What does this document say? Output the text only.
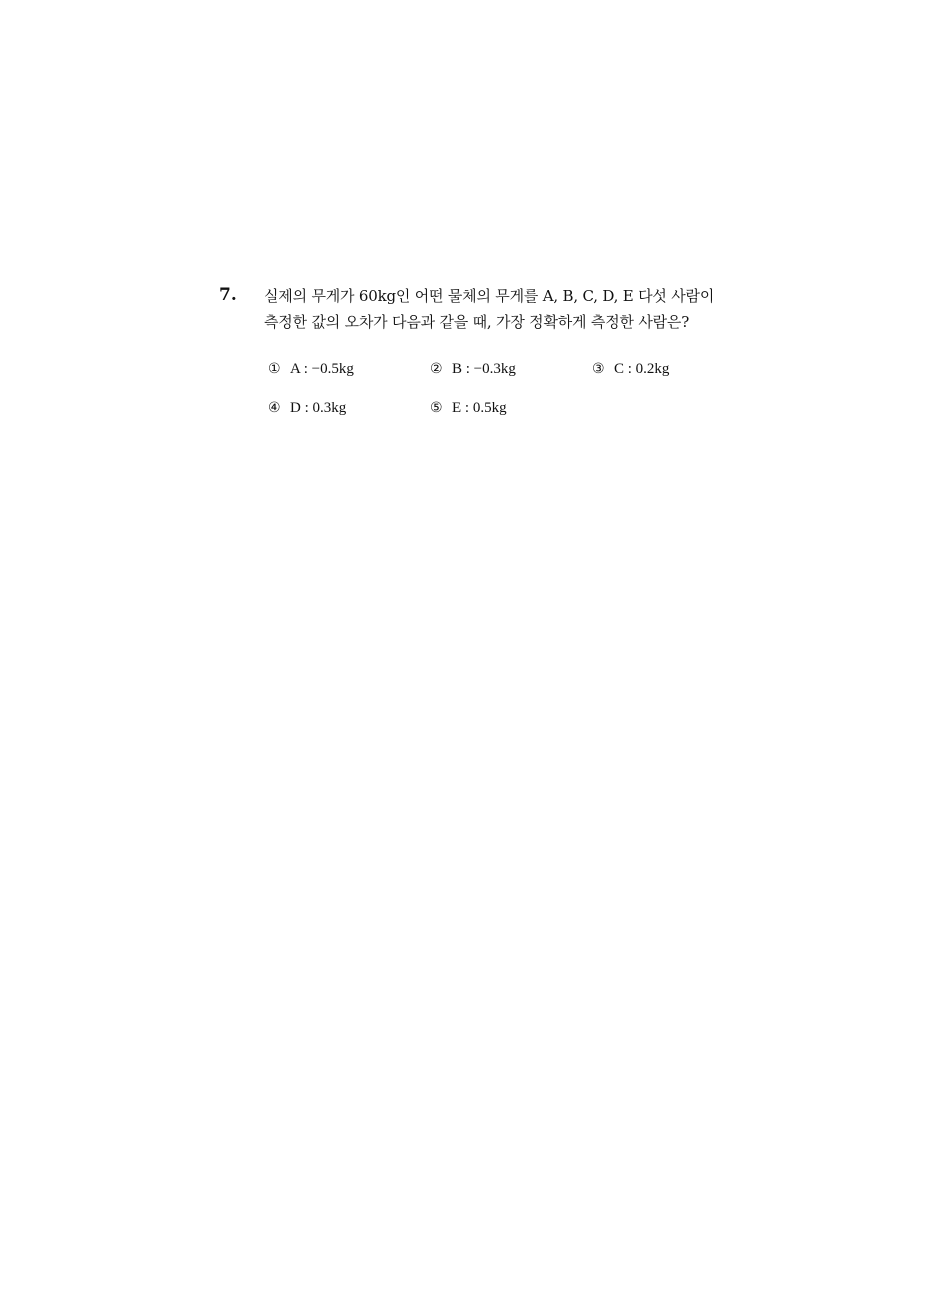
7. 실제의 무게가 60kg인 어떤 물체의 무게를 A, B, C, D, E 다섯 사람이
측정한 값의 오차가 다음과 같을 때, 가장 정확하게 측정한 사람은?
① A : −0.5kg	② B : −0.3kg	③ C : 0.2kg
④ D : 0.3kg	⑤ E : 0.5kg
